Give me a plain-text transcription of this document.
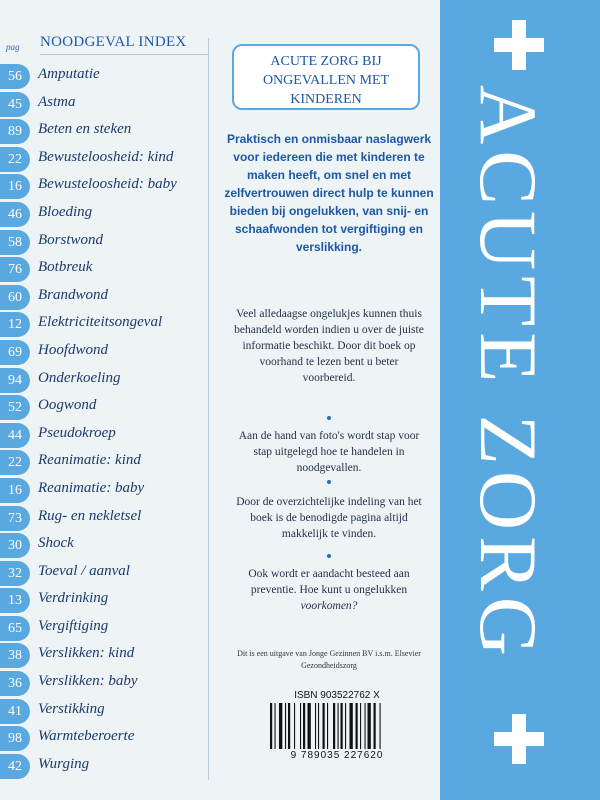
pag NOODGEVAL INDEX
56	Amputatie
45	Astma
89	Beten en steken
22	Bewusteloosheid: kind
16	Bewusteloosheid: baby
46	Bloeding
58	Borstwond
76	Botbreuk
60	Brandwond
12	Elektriciteitsongeval
69	Hoofdwond
94	Onderkoeling
52	Oogwond
44	Pseudokroep
22	Reanimatie: kind
16	Reanimatie: baby
73	Rug- en nekletsel
30	Shock
32	Toeval / aanval
13	Verdrinking
65	Vergiftiging
38	Verslikken: kind
36	Verslikken: baby
41	Verstikking
98	Warmteberoerte
42	Wurging
ACUTE ZORG BIJ
ONGEVALLEN MET
KINDEREN
Praktisch en onmisbaar naslagwerk voor iedereen die met kinderen te maken heeft, om snel en met zelfvertrouwen direct hulp te kunnen bieden bij ongelukken, van snij- en schaafwonden tot vergiftiging en verslikking.
Veel alledaagse ongelukjes kunnen thuis behandeld worden indien u over de juiste informatie beschikt. Door dit boek op voorhand te lezen bent u beter voorbereid.
Aan de hand van foto's wordt stap voor stap uitgelegd hoe te handelen in noodgevallen.
Door de overzichtelijke indeling van het boek is de benodigde pagina altijd makkelijk te vinden.
Ook wordt er aandacht besteed aan preventie. Hoe kunt u ongelukken voorkomen?
Dit is een uitgave van Jonge Gezinnen BV i.s.m. Elsevier Gezondheidszorg
ISBN 903522762 X
9 789035 227620
ACUTE ZORG
